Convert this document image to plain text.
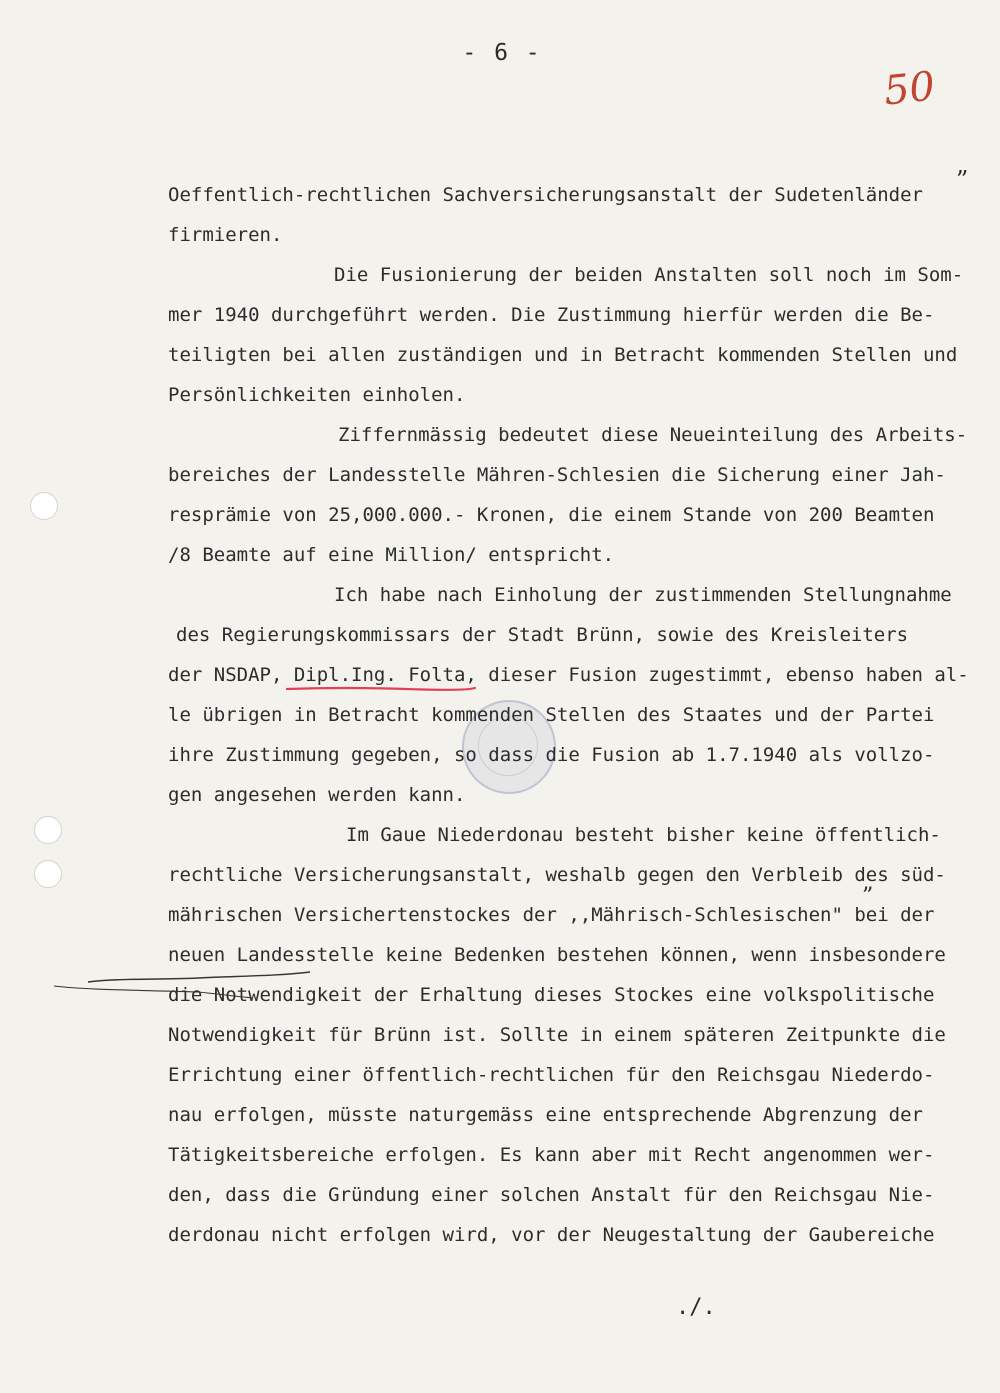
- 6 -
50
Oeffentlich-rechtlichen Sachversicherungsanstalt der Sudetenländer
”
firmieren.
Die Fusionierung der beiden Anstalten soll noch im Som-
mer 1940 durchgeführt werden. Die Zustimmung hierfür werden die Be-
teiligten bei allen zuständigen und in Betracht kommenden Stellen und
Persönlichkeiten einholen.
Ziffernmässig bedeutet diese Neueinteilung des Arbeits-
bereiches der Landesstelle Mähren-Schlesien die Sicherung einer Jah-
resprämie von 25,000.000.- Kronen, die einem Stande von 200 Beamten
/8 Beamte auf eine Million/ entspricht.
Ich habe nach Einholung der zustimmenden Stellungnahme
des Regierungskommissars der Stadt Brünn, sowie des Kreisleiters
der NSDAP, Dipl.Ing. Folta, dieser Fusion zugestimmt, ebenso haben al-
le übrigen in Betracht kommenden Stellen des Staates und der Partei
ihre Zustimmung gegeben, so dass die Fusion ab 1.7.1940 als vollzo-
gen angesehen werden kann.
Im Gaue Niederdonau besteht bisher keine öffentlich-
rechtliche Versicherungsanstalt, weshalb gegen den Verbleib des süd-
”
mährischen Versichertenstockes der ,,Mährisch-Schlesischen" bei der
neuen Landesstelle keine Bedenken bestehen können, wenn insbesondere
die Notwendigkeit der Erhaltung dieses Stockes eine volkspolitische
Notwendigkeit für Brünn ist. Sollte in einem späteren Zeitpunkte die
Errichtung einer öffentlich-rechtlichen für den Reichsgau Niederdo-
nau erfolgen, müsste naturgemäss eine entsprechende Abgrenzung der
Tätigkeitsbereiche erfolgen. Es kann aber mit Recht angenommen wer-
den, dass die Gründung einer solchen Anstalt für den Reichsgau Nie-
derdonau nicht erfolgen wird, vor der Neugestaltung der Gaubereiche
./.
